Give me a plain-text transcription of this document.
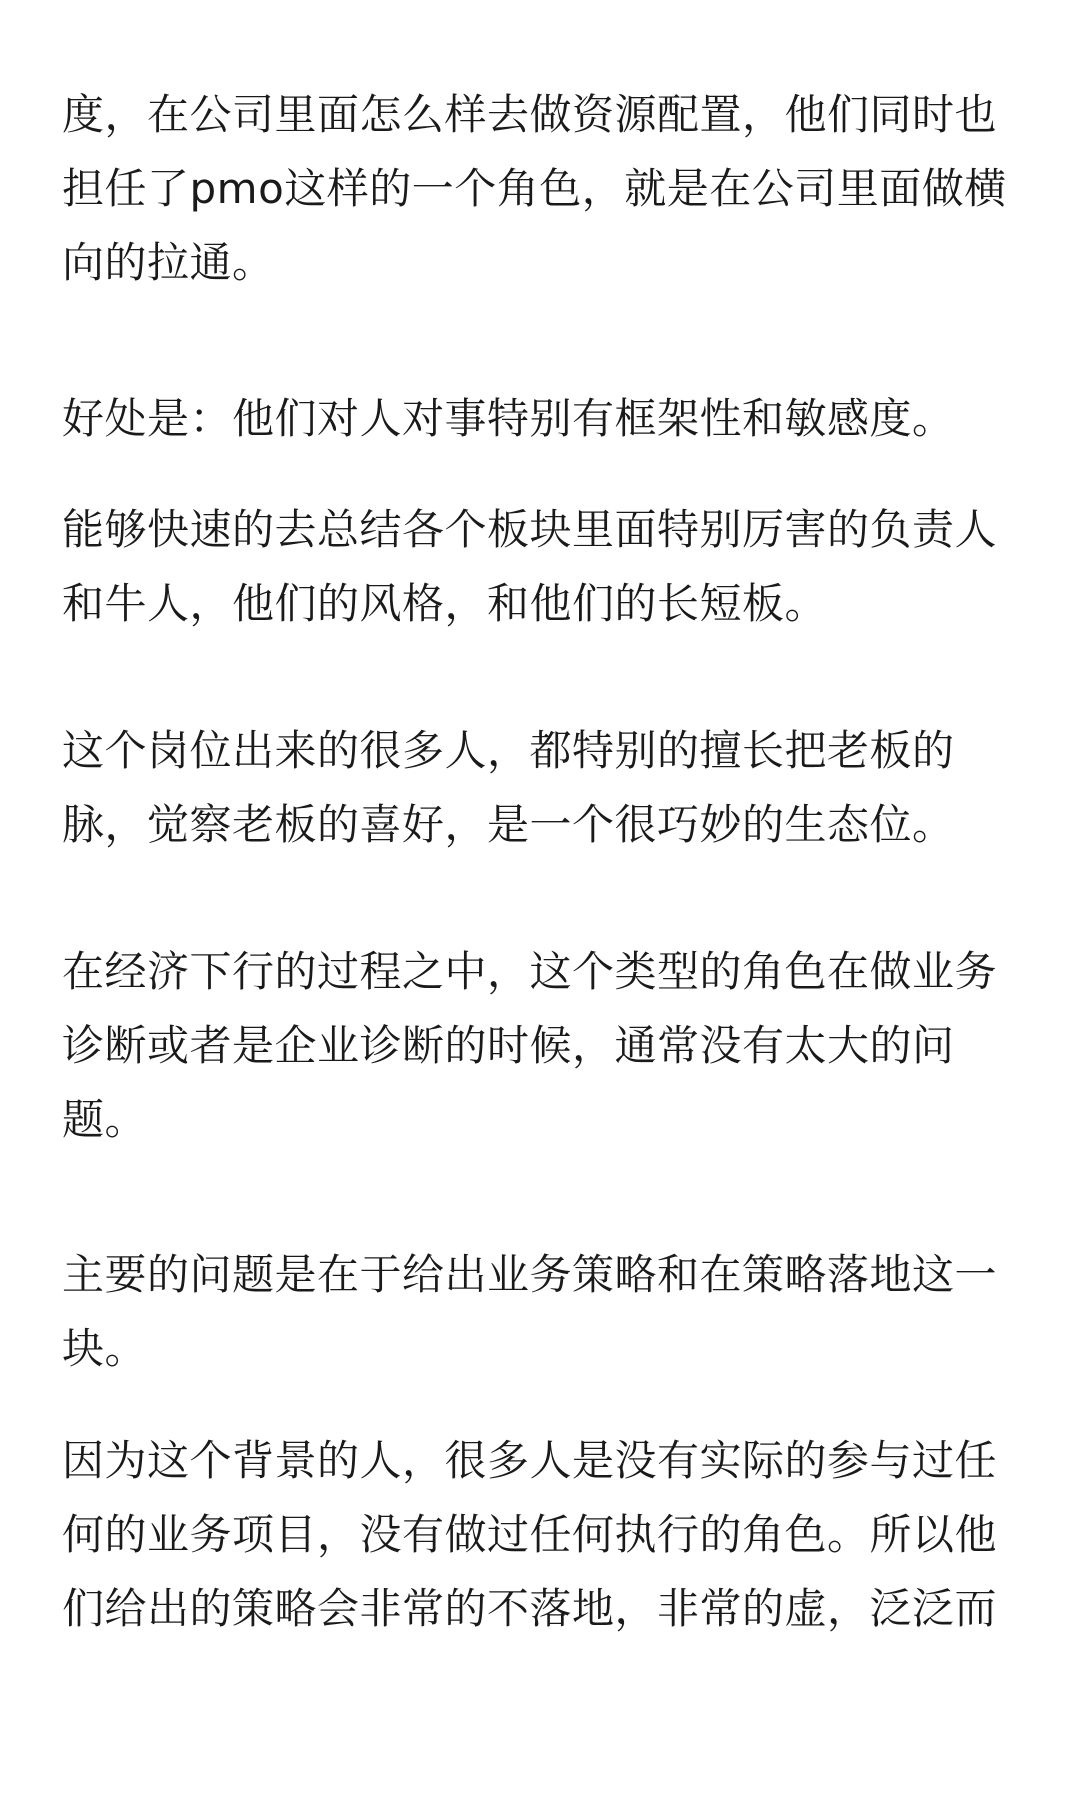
度，在公司里面怎么样去做资源配置，他们同时也担任了pmo这样的一个角色，就是在公司里面做横向的拉通。

好处是：他们对人对事特别有框架性和敏感度。

能够快速的去总结各个板块里面特别厉害的负责人和牛人，他们的风格，和他们的长短板。

这个岗位出来的很多人，都特别的擅长把老板的脉，觉察老板的喜好，是一个很巧妙的生态位。

在经济下行的过程之中，这个类型的角色在做业务诊断或者是企业诊断的时候，通常没有太大的问题。

主要的问题是在于给出业务策略和在策略落地这一块。

因为这个背景的人，很多人是没有实际的参与过任何的业务项目，没有做过任何执行的角色。所以他们给出的策略会非常的不落地，非常的虚，泛泛而
